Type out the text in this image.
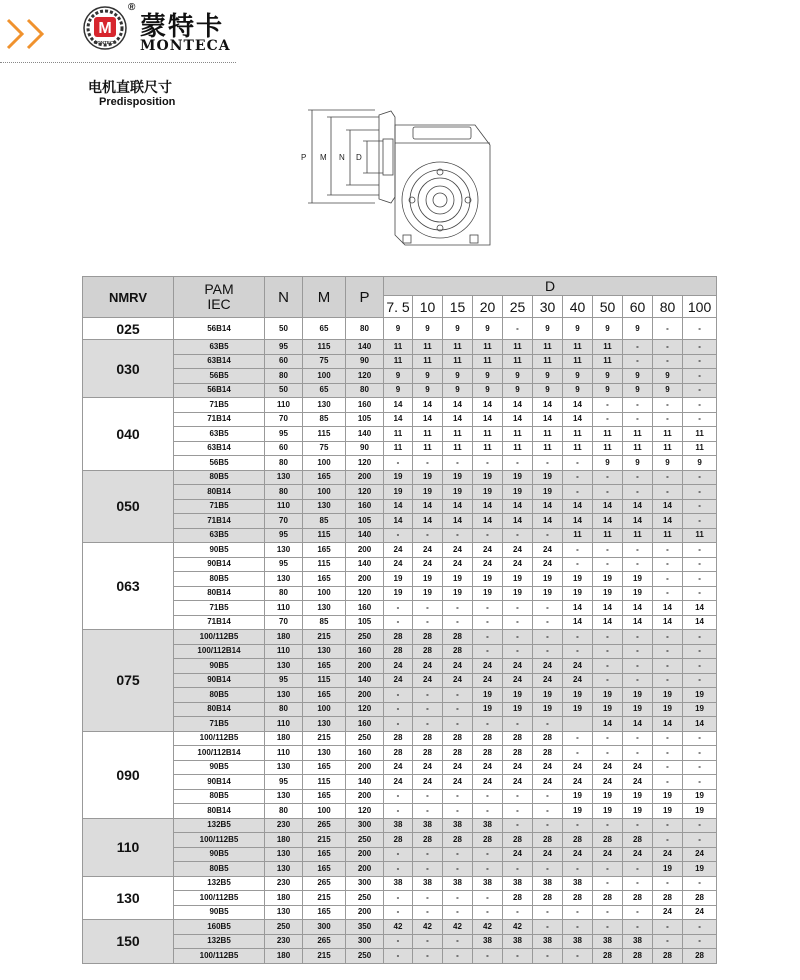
M
MONTECA
®
蒙特卡
MONTECA
电机直联尺寸
Predisposition
P M N D
NMRV	PAM
IEC	N	M	P	D										
					7. 5	10	15	20	25	30	40	50	60	80	100
025	56B14	50	65	80	9	9	9	9	-	9	9	9	9	-	-
030	63B5	95	115	140	11	11	11	11	11	11	11	11	-	-	-
	63B14	60	75	90	11	11	11	11	11	11	11	11	-	-	-
	56B5	80	100	120	9	9	9	9	9	9	9	9	9	9	-
	56B14	50	65	80	9	9	9	9	9	9	9	9	9	9	-
040	71B5	110	130	160	14	14	14	14	14	14	14	-	-	-	-
	71B14	70	85	105	14	14	14	14	14	14	14	-	-	-	-
	63B5	95	115	140	11	11	11	11	11	11	11	11	11	11	11
	63B14	60	75	90	11	11	11	11	11	11	11	11	11	11	11
	56B5	80	100	120	-	-	-	-	-	-	-	9	9	9	9
050	80B5	130	165	200	19	19	19	19	19	19	-	-	-	-	-
	80B14	80	100	120	19	19	19	19	19	19	-	-	-	-	-
	71B5	110	130	160	14	14	14	14	14	14	14	14	14	14	-
	71B14	70	85	105	14	14	14	14	14	14	14	14	14	14	-
	63B5	95	115	140	-	-	-	-	-	-	11	11	11	11	11
063	90B5	130	165	200	24	24	24	24	24	24	-	-	-	-	-
	90B14	95	115	140	24	24	24	24	24	24	-	-	-	-	-
	80B5	130	165	200	19	19	19	19	19	19	19	19	19	-	-
	80B14	80	100	120	19	19	19	19	19	19	19	19	19	-	-
	71B5	110	130	160	-	-	-	-	-	-	14	14	14	14	14
	71B14	70	85	105	-	-	-	-	-	-	14	14	14	14	14
075	100/112B5	180	215	250	28	28	28	-	-	-	-	-	-	-	-
	100/112B14	110	130	160	28	28	28	-	-	-	-	-	-	-	-
	90B5	130	165	200	24	24	24	24	24	24	24	-	-	-	-
	90B14	95	115	140	24	24	24	24	24	24	24	-	-	-	-
	80B5	130	165	200	-	-	-	19	19	19	19	19	19	19	19
	80B14	80	100	120	-	-	-	19	19	19	19	19	19	19	19
	71B5	110	130	160	-	-	-	-	-	-		14	14	14	14
090	100/112B5	180	215	250	28	28	28	28	28	28	-	-	-	-	-
	100/112B14	110	130	160	28	28	28	28	28	28	-	-	-	-	-
	90B5	130	165	200	24	24	24	24	24	24	24	24	24	-	-
	90B14	95	115	140	24	24	24	24	24	24	24	24	24	-	-
	80B5	130	165	200	-	-	-	-	-	-	19	19	19	19	19
	80B14	80	100	120	-	-	-	-	-	-	19	19	19	19	19
110	132B5	230	265	300	38	38	38	38	-	-	-	-	-	-	-
	100/112B5	180	215	250	28	28	28	28	28	28	28	28	28	-	-
	90B5	130	165	200	-	-	-	-	24	24	24	24	24	24	24
	80B5	130	165	200	-	-	-	-	-	-	-	-	-	19	19
130	132B5	230	265	300	38	38	38	38	38	38	38	-	-	-	-
	100/112B5	180	215	250	-	-	-	-	28	28	28	28	28	28	28
	90B5	130	165	200	-	-	-	-	-	-	-	-	-	24	24
150	160B5	250	300	350	42	42	42	42	42	-	-	-	-	-	-
	132B5	230	265	300	-	-	-	38	38	38	38	38	38	-	-
	100/112B5	180	215	250	-	-	-	-	-	-	-	28	28	28	28
